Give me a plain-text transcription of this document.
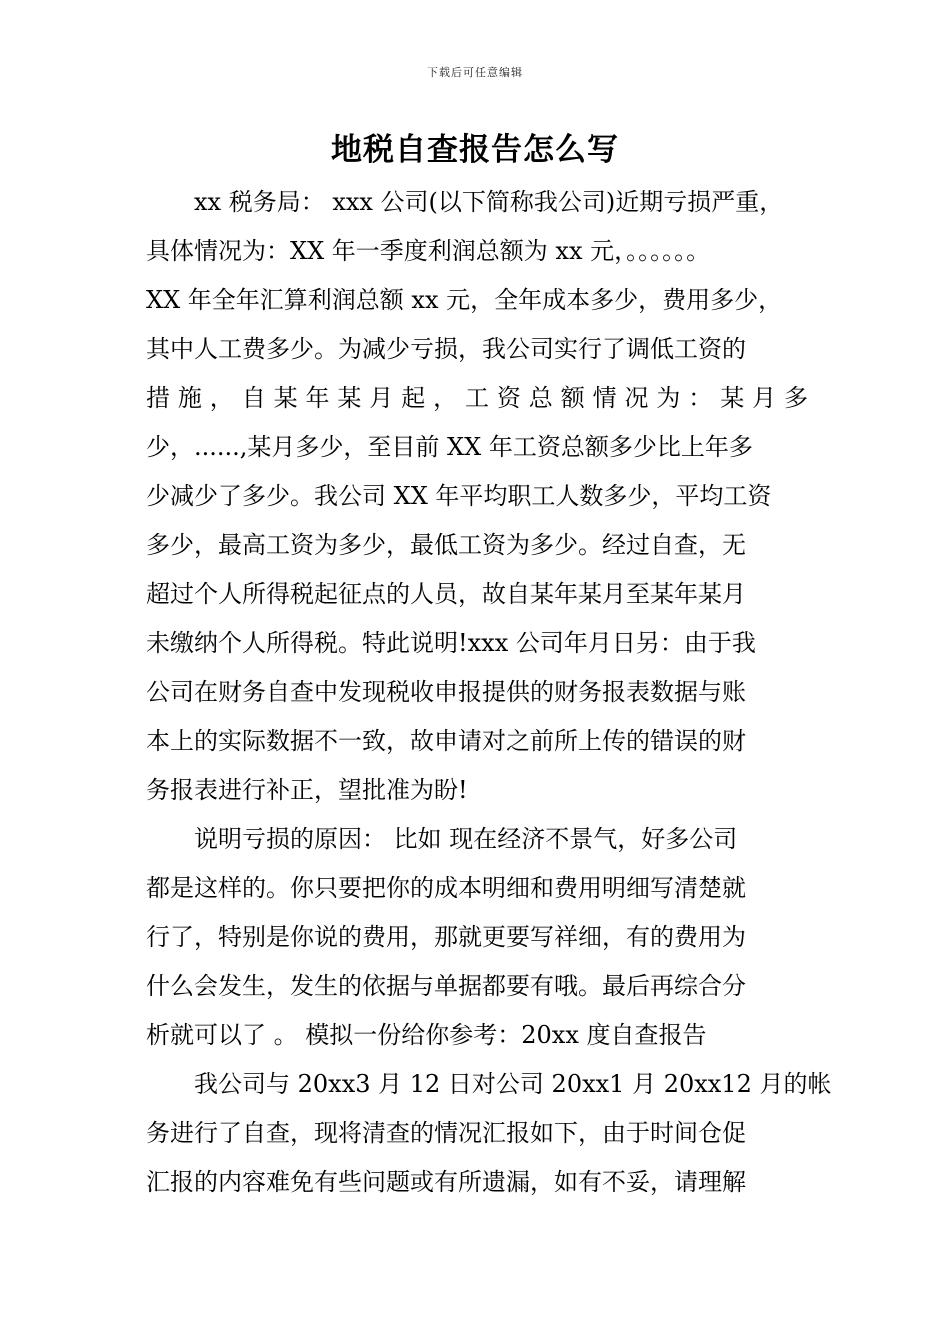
下载后可任意编辑
地税自查报告怎么写

xx 税务局： xxx 公司(以下简称我公司)近期亏损严重，
具体情况为：XX 年一季度利润总额为 xx 元，。。。。。。
XX 年全年汇算利润总额 xx 元，全年成本多少，费用多少，
其中人工费多少。为减少亏损，我公司实行了调低工资的
措施，自某年某月起，工资总额情况为：某月多
少，......,某月多少，至目前 XX 年工资总额多少比上年多
少减少了多少。我公司 XX 年平均职工人数多少，平均工资
多少，最高工资为多少，最低工资为多少。经过自查，无
超过个人所得税起征点的人员，故自某年某月至某年某月
未缴纳个人所得税。特此说明!xxx 公司年月日另：由于我
公司在财务自查中发现税收申报提供的财务报表数据与账
本上的实际数据不一致，故申请对之前所上传的错误的财
务报表进行补正，望批准为盼!

说明亏损的原因： 比如 现在经济不景气，好多公司
都是这样的。你只要把你的成本明细和费用明细写清楚就
行了，特别是你说的费用，那就更要写祥细，有的费用为
什么会发生，发生的依据与单据都要有哦。最后再综合分
析就可以了 。 模拟一份给你参考：20xx 度自查报告

我公司与 20xx3 月 12 日对公司 20xx1 月 20xx12 月的帐
务进行了自查，现将清查的情况汇报如下，由于时间仓促
汇报的内容难免有些问题或有所遗漏，如有不妥，请理解
